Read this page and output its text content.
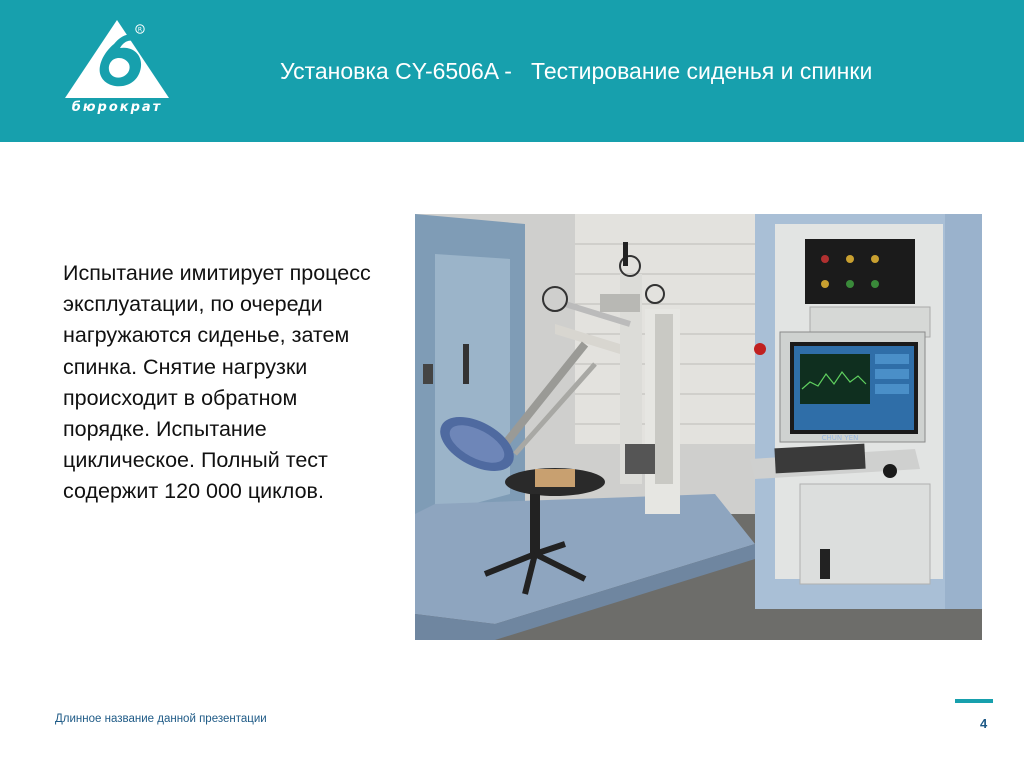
R
бюрократ
Установка CY-6506A -   Тестирование сиденья и спинки
Испытание имитирует процесс эксплуатации, по очереди нагружаются сиденье, затем спинка. Снятие нагрузки происходит в обратном порядке. Испытание циклическое. Полный тест содержит 120 000 циклов.
CHUN YEN
Длинное название данной презентации	4
